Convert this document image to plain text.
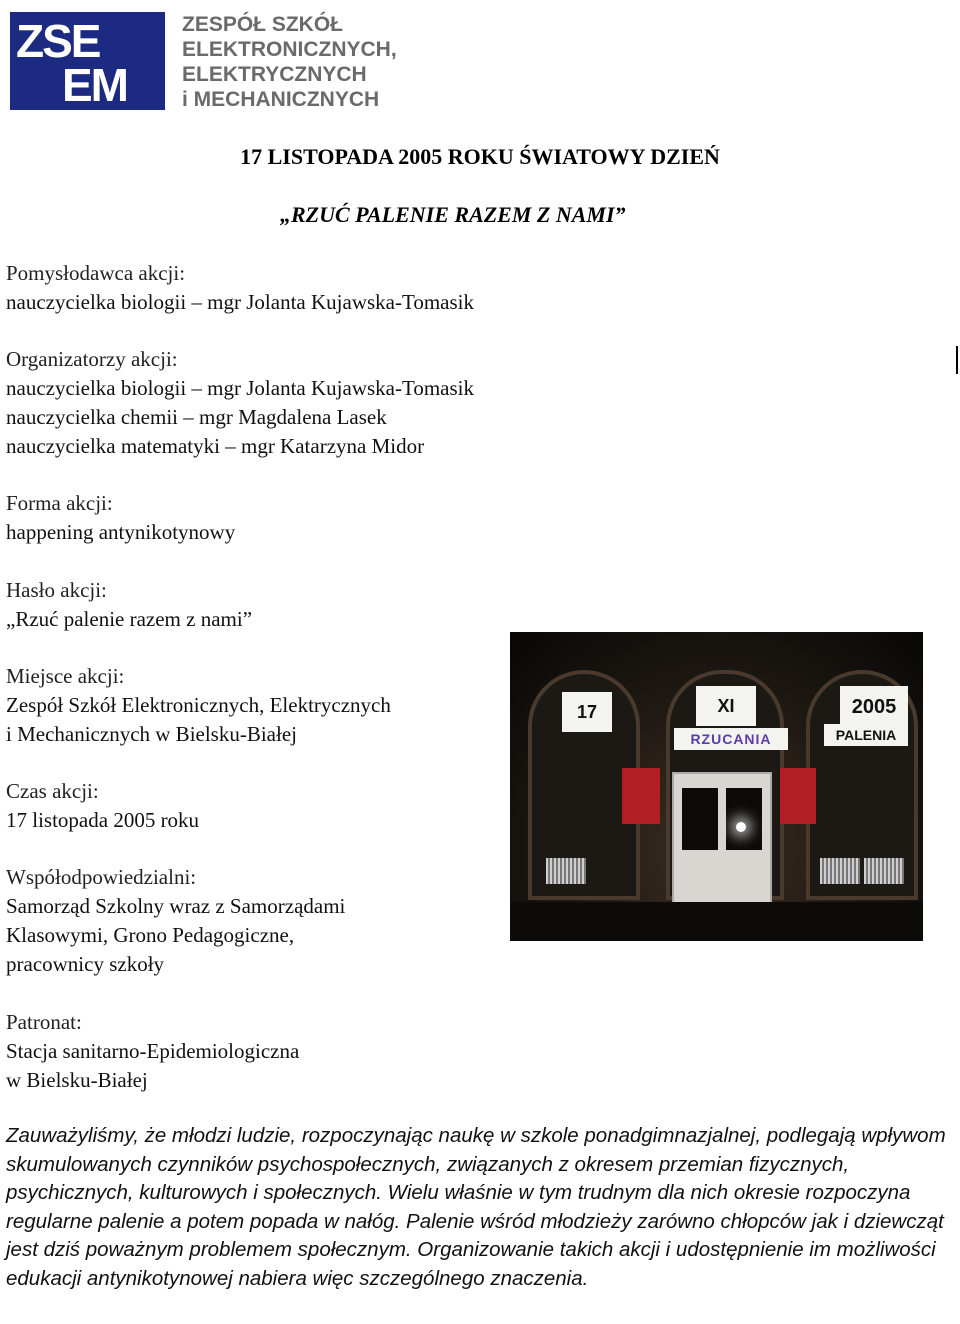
ZSE
EM
ZESPÓŁ SZKÓŁ
ELEKTRONICZNYCH,
ELEKTRYCZNYCH
i MECHANICZNYCH
17 LISTOPADA 2005 ROKU ŚWIATOWY DZIEŃ
„RZUĆ PALENIE RAZEM Z NAMI”
Pomysłodawca akcji:
nauczycielka biologii – mgr Jolanta Kujawska-Tomasik
Organizatorzy akcji:
nauczycielka biologii – mgr Jolanta Kujawska-Tomasik
nauczycielka chemii – mgr Magdalena Lasek
nauczycielka matematyki – mgr Katarzyna Midor
Forma akcji:
happening antynikotynowy
Hasło akcji:
„Rzuć palenie razem z nami”
Miejsce akcji:
Zespół Szkół Elektronicznych, Elektrycznych
i Mechanicznych w Bielsku-Białej
Czas akcji:
17 listopada 2005 roku
Współodpowiedzialni:
Samorząd Szkolny wraz z Samorządami
Klasowymi, Grono Pedagogiczne,
pracownicy szkoły
Patronat:
Stacja sanitarno-Epidemiologiczna
w Bielsku-Białej
17	XI	2005
RZUCANIA	PALENIA
Zauważyliśmy, że młodzi ludzie, rozpoczynając naukę w szkole ponadgimnazjalnej, podlegają wpływom skumulowanych czynników psychospołecznych, związanych z okresem przemian fizycznych, psychicznych, kulturowych i społecznych. Wielu właśnie w tym trudnym dla nich okresie rozpoczyna regularne palenie a potem popada w nałóg. Palenie wśród młodzieży zarówno chłopców jak i dziewcząt jest dziś poważnym problemem społecznym. Organizowanie takich akcji i udostępnienie im możliwości edukacji antynikotynowej nabiera więc szczególnego znaczenia.
